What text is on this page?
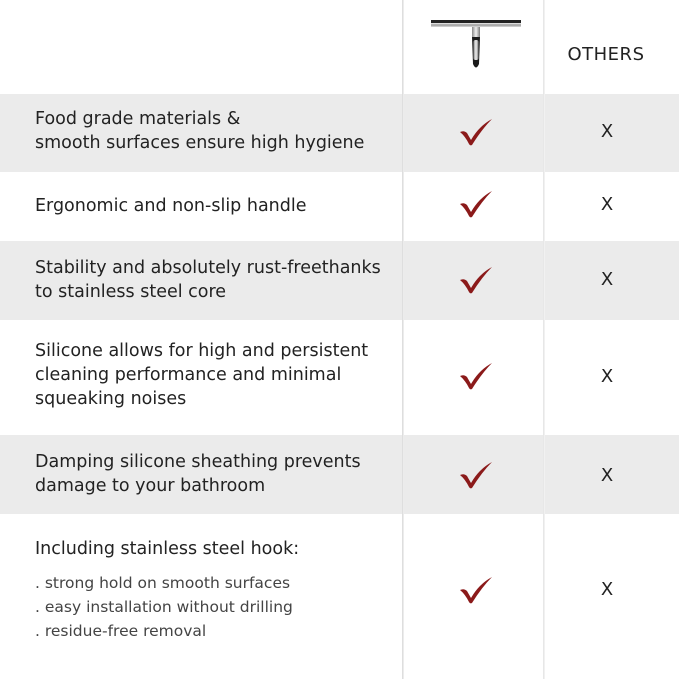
OTHERS
Food grade materials &
smooth surfaces ensure high hygiene
X
Ergonomic and non-slip handle	X
Stability and absolutely rust-freethanks
to stainless steel core
X
Silicone allows for high and persistent
cleaning performance and minimal
squeaking noises
X
Damping silicone sheathing prevents
damage to your bathroom	X
Including stainless steel hook:
. strong hold on smooth surfaces
. easy installation without drilling
. residue-free removal
X
